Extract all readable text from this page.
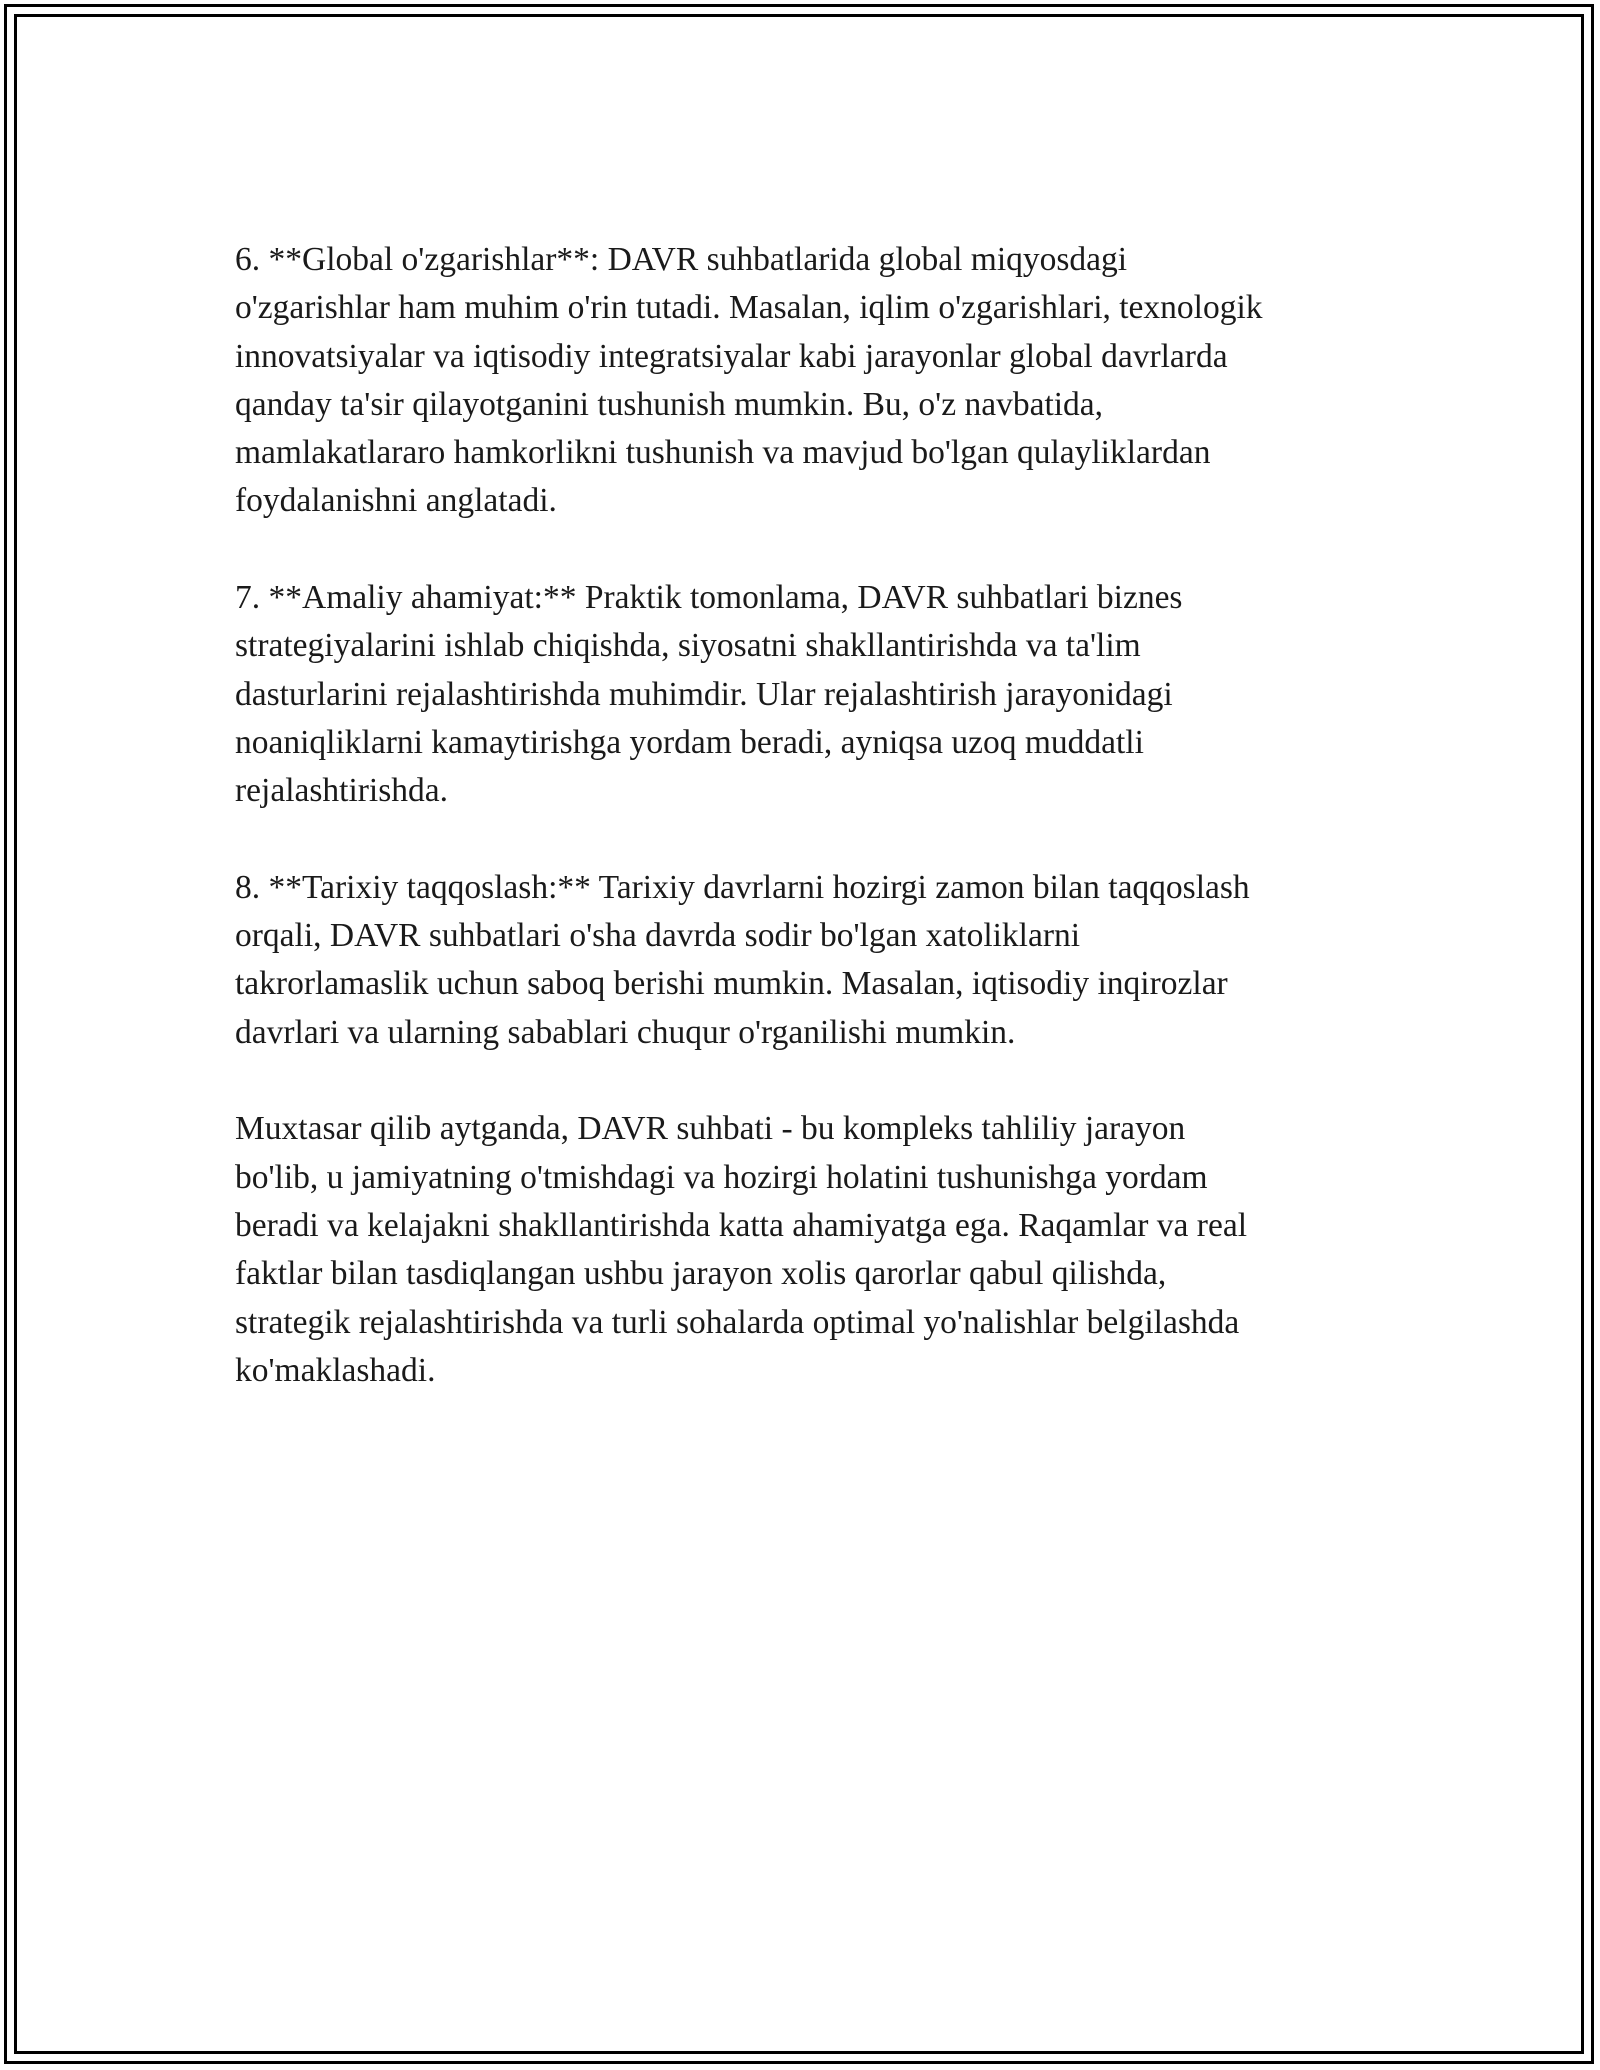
6. **Global o'zgarishlar**: DAVR suhbatlarida global miqyosdagi
o'zgarishlar ham muhim o'rin tutadi. Masalan, iqlim o'zgarishlari, texnologik
innovatsiyalar va iqtisodiy integratsiyalar kabi jarayonlar global davrlarda
qanday ta'sir qilayotganini tushunish mumkin. Bu, o'z navbatida,
mamlakatlararo hamkorlikni tushunish va mavjud bo'lgan qulayliklardan
foydalanishni anglatadi.

7. **Amaliy ahamiyat:** Praktik tomonlama, DAVR suhbatlari biznes
strategiyalarini ishlab chiqishda, siyosatni shakllantirishda va ta'lim
dasturlarini rejalashtirishda muhimdir. Ular rejalashtirish jarayonidagi
noaniqliklarni kamaytirishga yordam beradi, ayniqsa uzoq muddatli
rejalashtirishda.

8. **Tarixiy taqqoslash:** Tarixiy davrlarni hozirgi zamon bilan taqqoslash
orqali, DAVR suhbatlari o'sha davrda sodir bo'lgan xatoliklarni
takrorlamaslik uchun saboq berishi mumkin. Masalan, iqtisodiy inqirozlar
davrlari va ularning sabablari chuqur o'rganilishi mumkin.

Muxtasar qilib aytganda, DAVR suhbati - bu kompleks tahliliy jarayon
bo'lib, u jamiyatning o'tmishdagi va hozirgi holatini tushunishga yordam
beradi va kelajakni shakllantirishda katta ahamiyatga ega. Raqamlar va real
faktlar bilan tasdiqlangan ushbu jarayon xolis qarorlar qabul qilishda,
strategik rejalashtirishda va turli sohalarda optimal yo'nalishlar belgilashda
ko'maklashadi.
